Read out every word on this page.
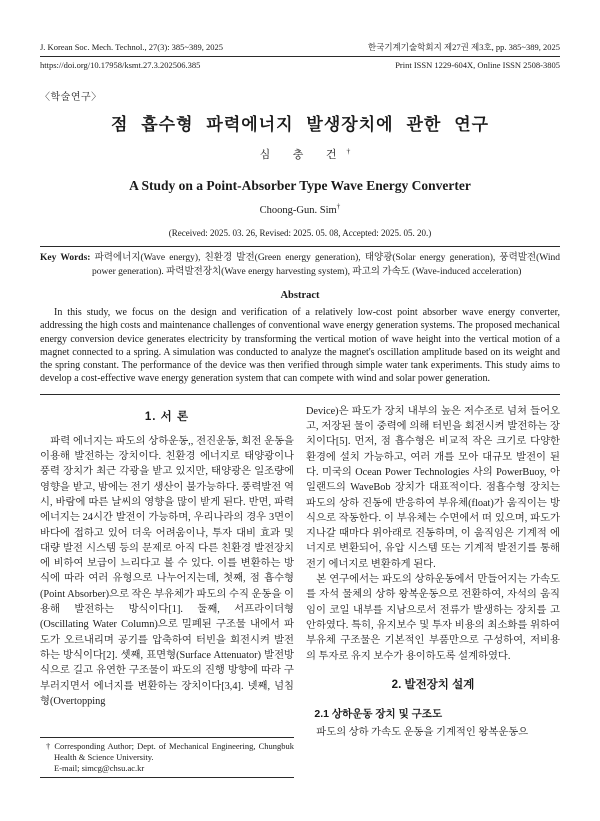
J. Korean Soc. Mech. Technol., 27(3): 385~389, 2025	한국기계기술학회지 제27권 제3호, pp. 385~389, 2025
https://doi.org/10.17958/ksmt.27.3.202506.385	Print ISSN 1229-604X, Online ISSN 2508-3805
〈학술연구〉
점 흡수형 파력에너지 발생장치에 관한 연구
심 충 건†
A Study on a Point-Absorber Type Wave Energy Converter
Choong-Gun. Sim†
(Received: 2025. 03. 26, Revised: 2025. 05. 08, Accepted: 2025. 05. 20.)

Key Words: 파력에너지(Wave energy), 친환경 발전(Green energy generation), 태양광(Solar energy generation), 풍력발전(Wind power generation). 파력발전장치(Wave energy harvesting system), 파고의 가속도 (Wave-induced acceleration)

Abstract

In this study, we focus on the design and verification of a relatively low-cost point absorber wave energy converter, addressing the high costs and maintenance challenges of conventional wave energy generation systems. The proposed mechanical energy conversion device generates electricity by transforming the vertical motion of wave height into the vertical motion of a magnet connected to a spring. A simulation was conducted to analyze the magnet's oscillation amplitude based on its weight and the spring constant. The performance of the device was then verified through simple water tank experiments. This study aims to develop a cost-effective wave energy generation system that can compete with wind and solar power generation.

1. 서 론

파력 에너지는 파도의 상하운동,, 전진운동, 회전 운동을 이용해 발전하는 장치이다. 친환경 에너지로 태양광이나 풍력 장치가 최근 각광을 받고 있지만, 태양광은 일조량에 영향을 받고, 밤에는 전기 생산이 불가능하다. 풍력발전 역시, 바람에 따른 날씨의 영향을 많이 받게 된다. 반면, 파력 에너지는 24시간 발전이 가능하며, 우리나라의 경우 3면이 바다에 접하고 있어 더욱 어려움이나, 투자 대비 효과 및 대량 발전 시스템 등의 문제로 아직 다른 친환경 발전장치에 비하여 보급이 느리다고 볼 수 있다. 이를 변환하는 방식에 따라 여러 유형으로 나누어지는데, 첫째, 점 흡수형(Point Absorber)으로 작은 부유체가 파도의 수직 운동을 이용해 발전하는 방식이다[1]. 둘째, 서프라이더형(Oscillating Water Column)으로 밀폐된 구조물 내에서 파도가 오르내리며 공기를 압축하여 터빈을 회전시켜 발전하는 방식이다[2]. 셋째, 표면형(Surface Attenuator) 발전방식으로 길고 유연한 구조물이 파도의 진행 방향에 따라 구부러지면서 에너지를 변환하는 장치이다[3,4]. 넷째, 넘침형(Overtopping

† Corresponding Author; Dept. of Mechanical Engineering, Chungbuk Health & Science University.

E-mail; simcg@chsu.ac.kr

Device)은 파도가 장치 내부의 높은 저수조로 넘쳐 들어오고, 저장된 물이 중력에 의해 터빈을 회전시켜 발전하는 장치이다[5]. 먼저, 점 흡수형은 비교적 작은 크기로 다양한 환경에 설치 가능하고, 여러 개를 모아 대규모 발전이 된다. 미국의 Ocean Power Technologies 사의 PowerBuoy, 아일랜드의 WaveBob 장치가 대표적이다. 점흡수형 장치는 파도의 상하 진동에 반응하여 부유체(float)가 움직이는 방식으로 작동한다. 이 부유체는 수면에서 떠 있으며, 파도가 지나갈 때마다 위아래로 진동하며, 이 움직임은 기계적 에너지로 변환되어, 유압 시스템 또는 기계적 발전기를 통해 전기 에너지로 변환하게 된다.

본 연구에서는 파도의 상하운동에서 만들어지는 가속도를 자석 물체의 상하 왕복운동으로 전환하여, 자석의 움직임이 코일 내부를 지남으로서 전류가 발생하는 장치를 고안하였다. 특히, 유지보수 및 투자 비용의 최소화를 위하여 부유체 구조물은 기본적인 부품만으로 구성하여, 저비용의 투자로 유지 보수가 용이하도록 설계하였다.

2. 발전장치 설계
2.1 상하운동 장치 및 구조도

파도의 상하 가속도 운동을 기계적인 왕복운동으
